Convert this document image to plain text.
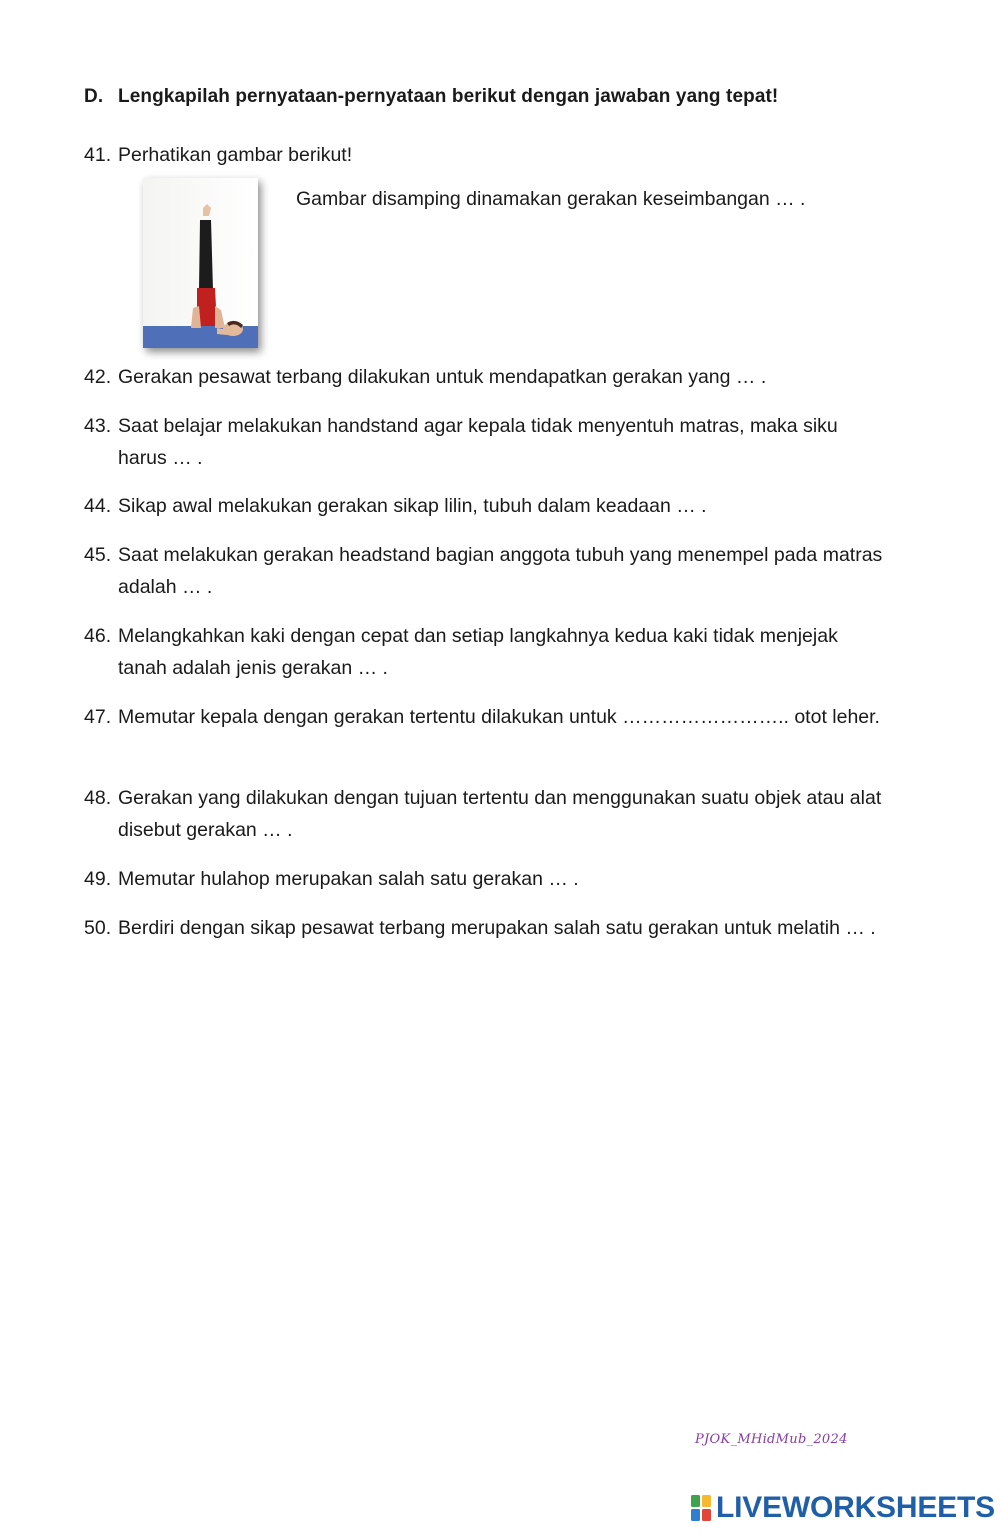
D. Lengkapilah pernyataan-pernyataan berikut dengan jawaban yang tepat!
41. Perhatikan gambar berikut!
Gambar disamping dinamakan gerakan keseimbangan … .
42. Gerakan pesawat terbang dilakukan untuk mendapatkan gerakan yang … .
43. Saat belajar melakukan handstand agar kepala tidak menyentuh matras, maka siku harus … .
44. Sikap awal melakukan gerakan sikap lilin, tubuh dalam keadaan … .
45. Saat melakukan gerakan headstand bagian anggota tubuh yang menempel pada matras adalah … .
46. Melangkahkan kaki dengan cepat dan setiap langkahnya kedua kaki tidak menjejak tanah adalah jenis gerakan … .
47. Memutar kepala dengan gerakan tertentu dilakukan untuk …………………….. otot leher.
48. Gerakan yang dilakukan dengan tujuan tertentu dan menggunakan suatu objek atau alat disebut gerakan … .
49. Memutar hulahop merupakan salah satu gerakan … .
50. Berdiri dengan sikap pesawat terbang merupakan salah satu gerakan untuk melatih … .
PJOK_MHidMub_2024
LIVEWORKSHEETS
